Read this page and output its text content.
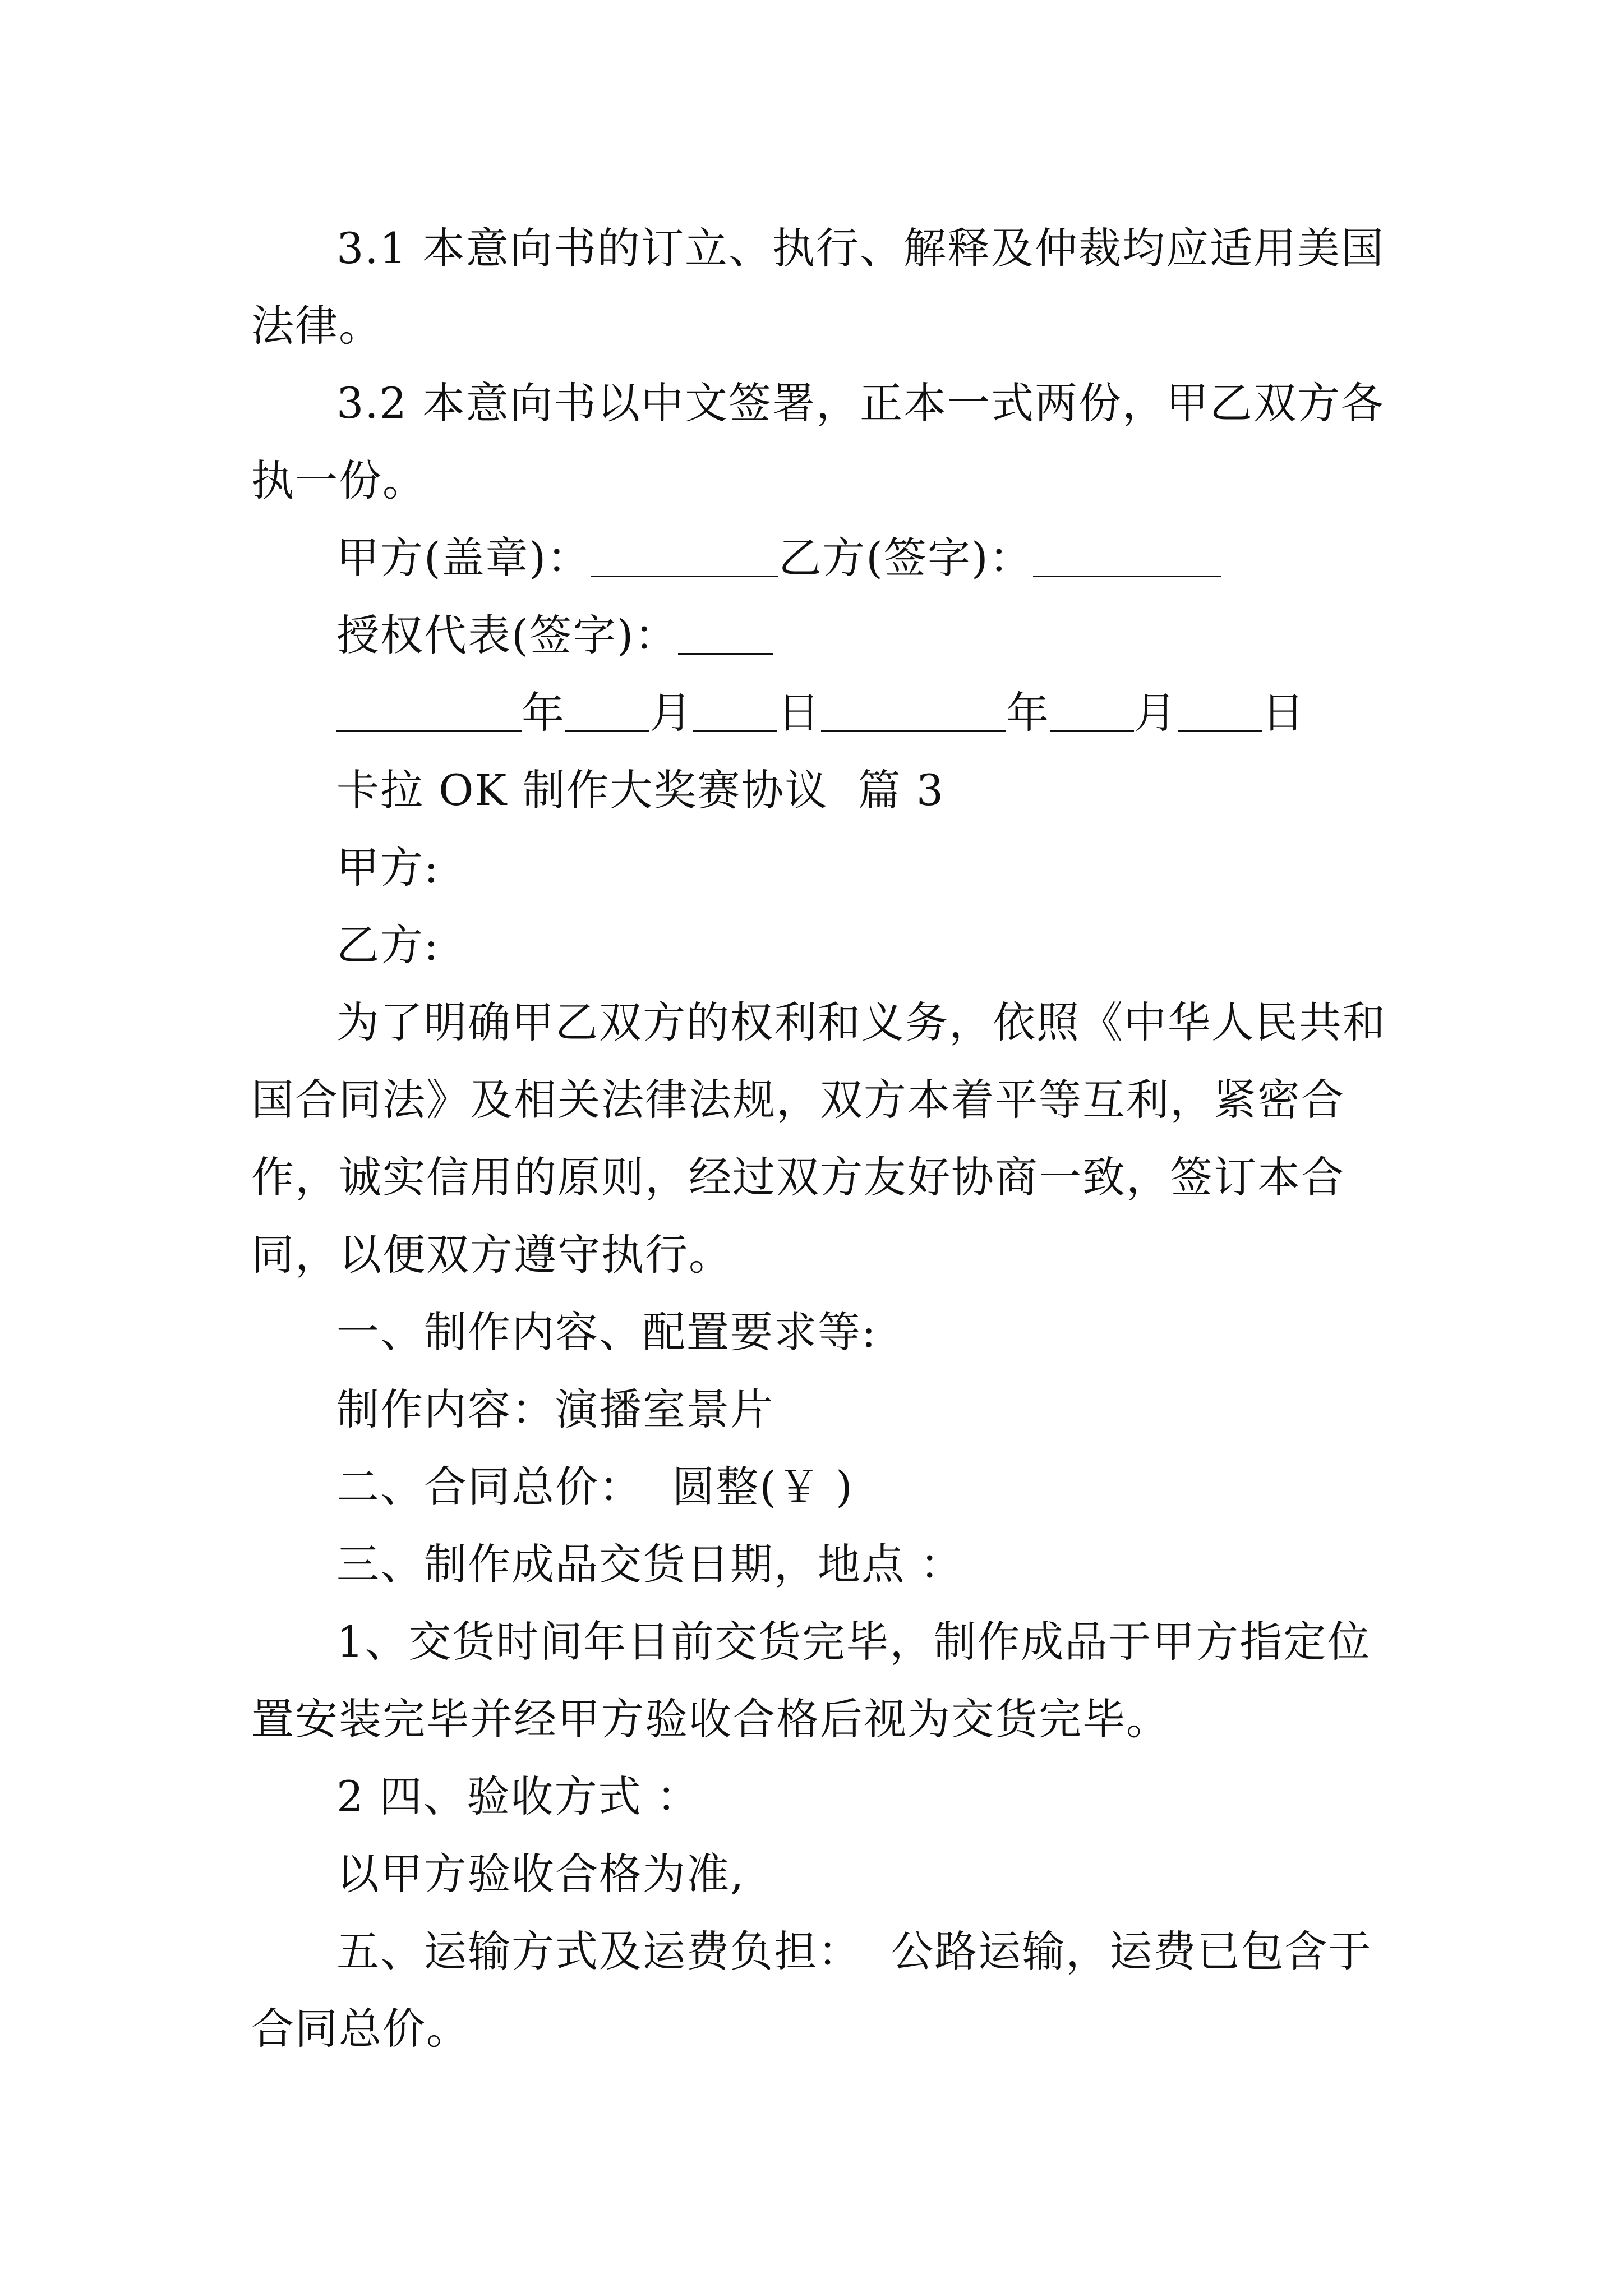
3.1 本意向书的订立、执行、解释及仲裁均应适用美国法律。

3.2 本意向书以中文签署，正本一式两份，甲乙双方各执一份。

甲方(盖章)：	乙方(签字)：

授权代表(签字)：

年 月 日	年 月 日

卡拉 OK 制作大奖赛协议  篇 3

甲方:

乙方:

为了明确甲乙双方的权利和义务，依照《中华人民共和国合同法》及相关法律法规，双方本着平等互利，紧密合作，诚实信用的原则，经过双方友好协商一致，签订本合同，以便双方遵守执行。

一、制作内容、配置要求等:

制作内容：演播室景片

二、合同总价：  圆整(￥ )

三、制作成品交货日期，地点 ：

1、交货时间年日前交货完毕，制作成品于甲方指定位置安装完毕并经甲方验收合格后视为交货完毕。

2 四、验收方式 ：

以甲方验收合格为准,

五、运输方式及运费负担：  公路运输，运费已包含于合同总价。
